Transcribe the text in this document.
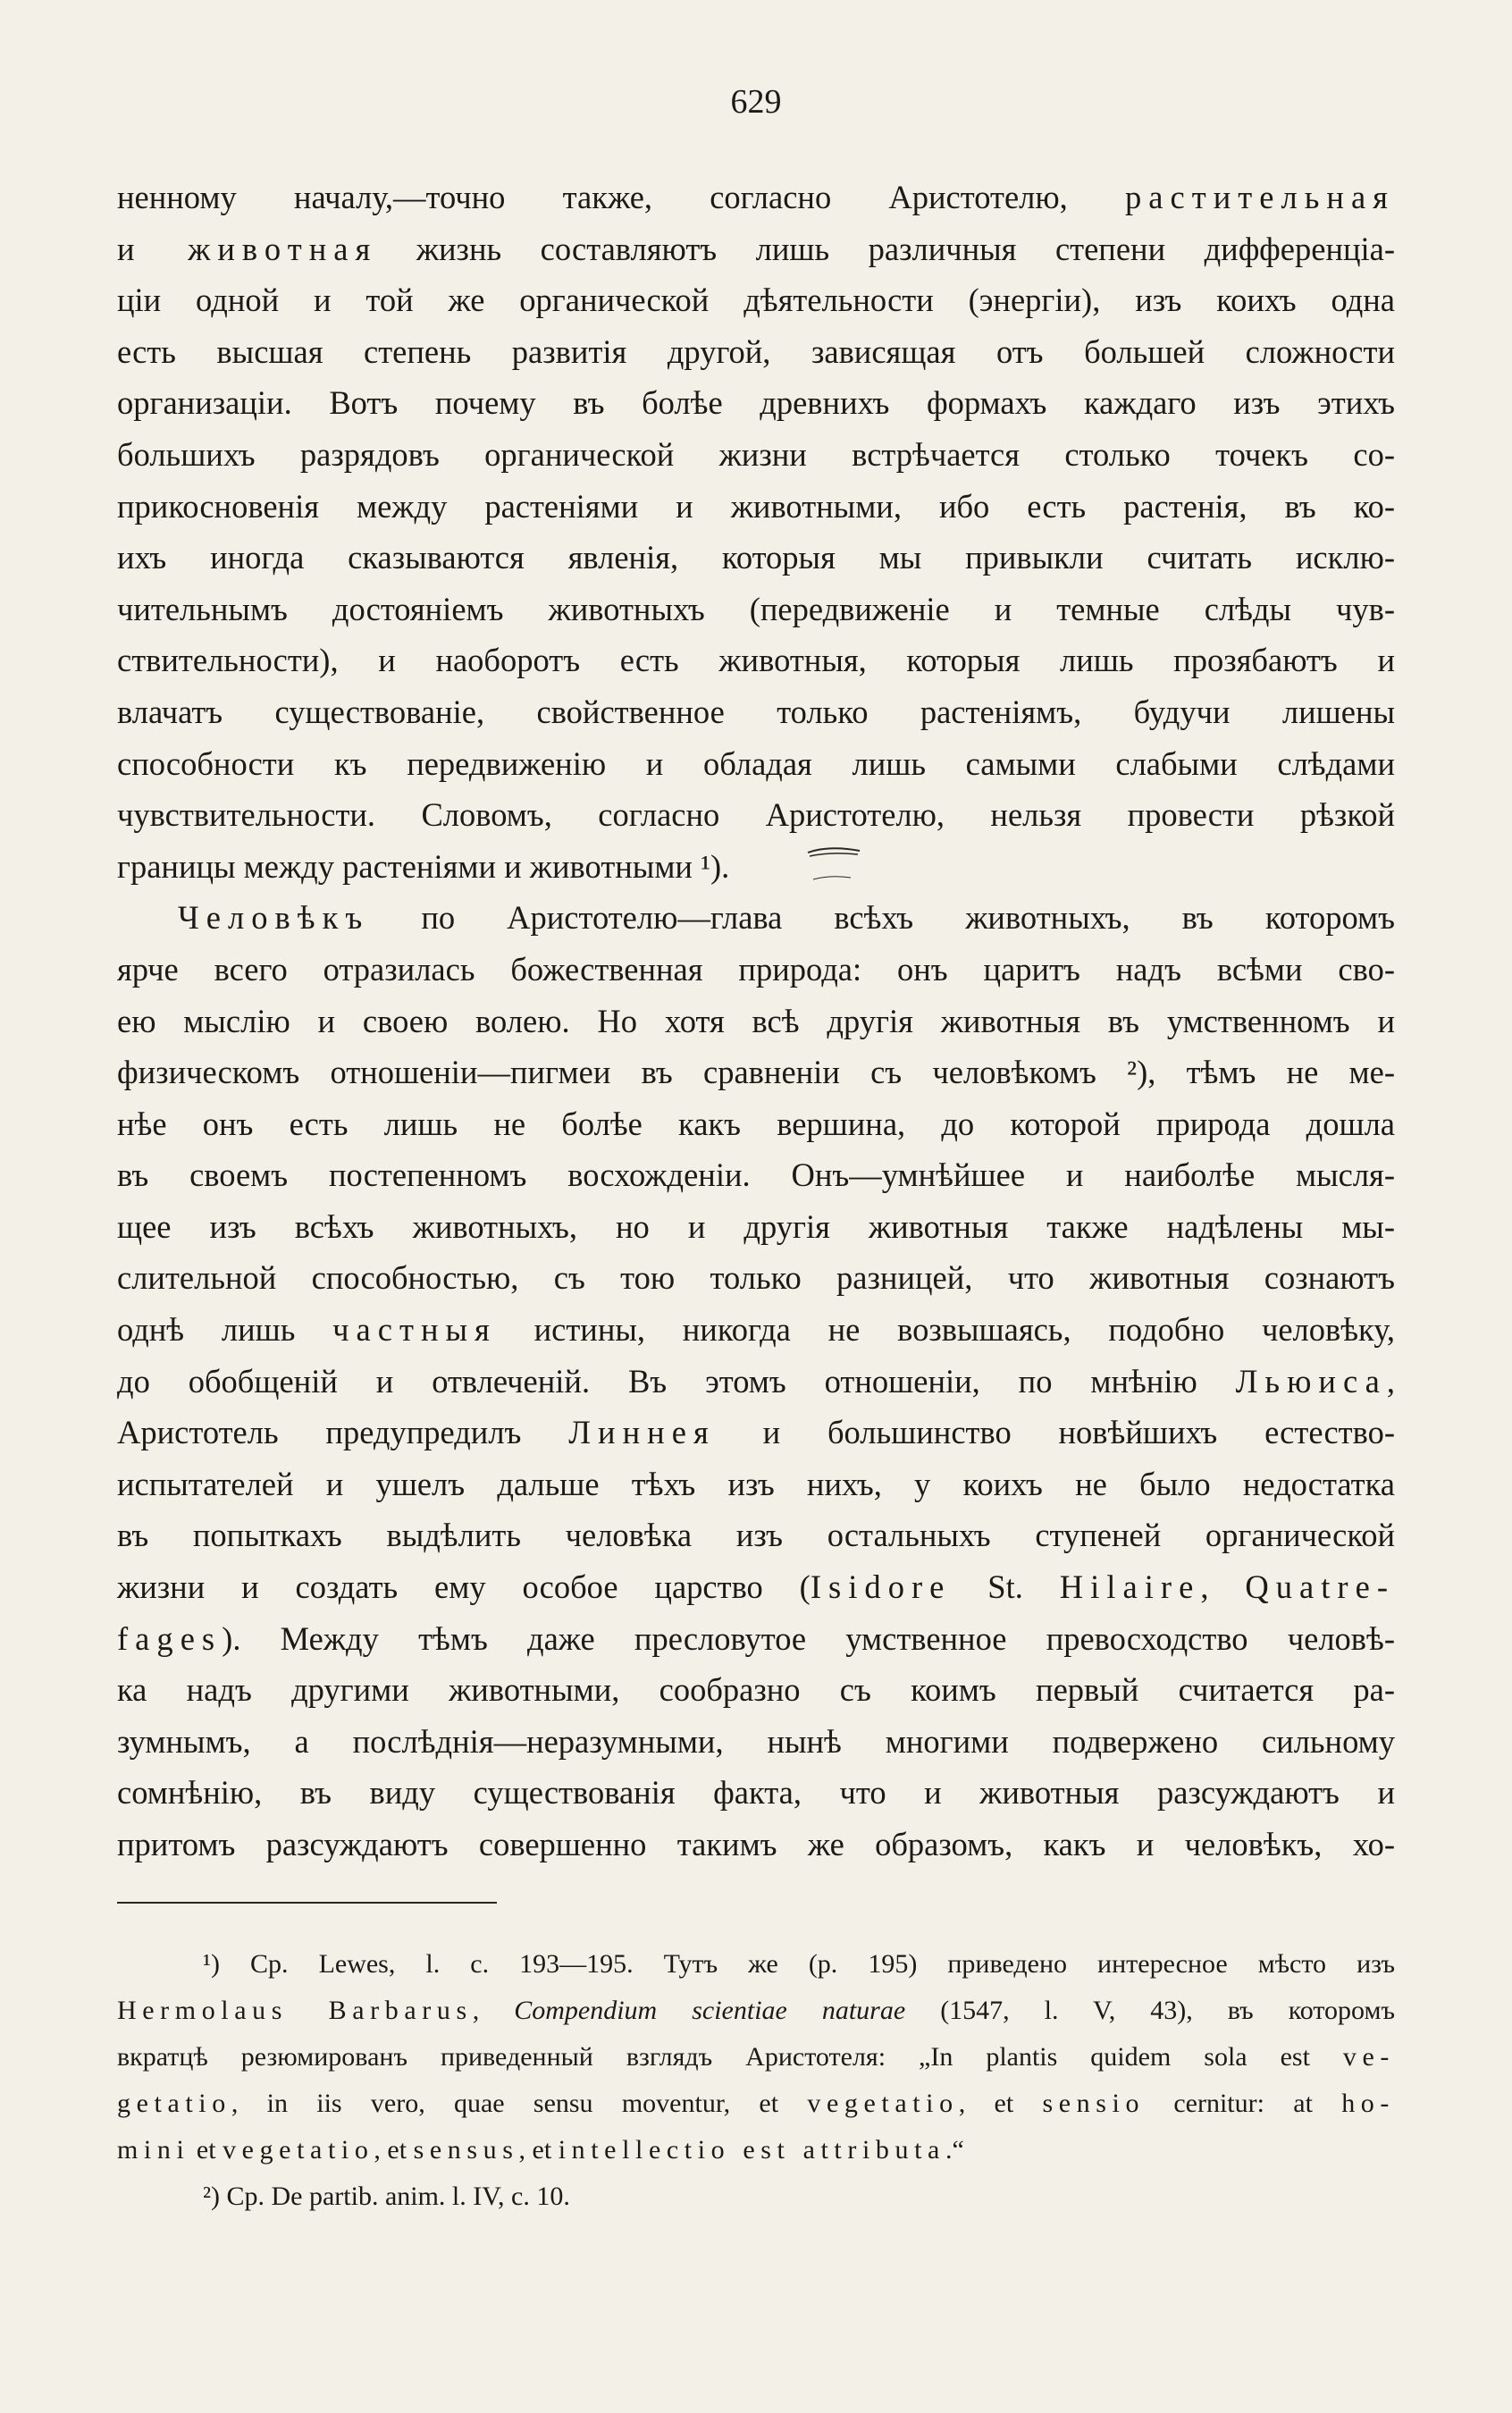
629
ненному началу,—точно также, согласно Аристотелю, растительная
и животная жизнь составляютъ лишь различныя степени дифференціа-
ціи одной и той же органической дѣятельности (энергіи), изъ коихъ одна
есть высшая степень развитія другой, зависящая отъ большей сложности
организаціи. Вотъ почему въ болѣе древнихъ формахъ каждаго изъ этихъ
большихъ разрядовъ органической жизни встрѣчается столько точекъ со-
прикосновенія между растеніями и животными, ибо есть растенія, въ ко-
ихъ иногда сказываются явленія, которыя мы привыкли считать исклю-
чительнымъ достояніемъ животныхъ (передвиженіе и темные слѣды чув-
ствительности), и наоборотъ есть животныя, которыя лишь прозябаютъ и
влачатъ существованіе, свойственное только растеніямъ, будучи лишены
способности къ передвиженію и обладая лишь самыми слабыми слѣдами
чувствительности. Словомъ, согласно Аристотелю, нельзя провести рѣзкой
границы между растеніями и животными ¹).
Человѣкъ по Аристотелю—глава всѣхъ животныхъ, въ которомъ
ярче всего отразилась божественная природа: онъ царитъ надъ всѣми сво-
ею мыслію и своею волею. Но хотя всѣ другія животныя въ умственномъ и
физическомъ отношеніи—пигмеи въ сравненіи съ человѣкомъ ²), тѣмъ не ме-
нѣе онъ есть лишь не болѣе какъ вершина, до которой природа дошла
въ своемъ постепенномъ восхожденіи. Онъ—умнѣйшее и наиболѣе мысля-
щее изъ всѣхъ животныхъ, но и другія животныя также надѣлены мы-
слительной способностью, съ тою только разницей, что животныя сознаютъ
однѣ лишь частныя истины, никогда не возвышаясь, подобно человѣку,
до обобщеній и отвлеченій. Въ этомъ отношеніи, по мнѣнію Льюиса,
Аристотель предупредилъ Линнея и большинство новѣйшихъ естество-
испытателей и ушелъ дальше тѣхъ изъ нихъ, у коихъ не было недостатка
въ попыткахъ выдѣлить человѣка изъ остальныхъ ступеней органической
жизни и создать ему особое царство (Isidore St. Hilaire, Quatre-
fages). Между тѣмъ даже пресловутое умственное превосходство человѣ-
ка надъ другими животными, сообразно съ коимъ первый считается ра-
зумнымъ, а послѣднія—неразумными, нынѣ многими подвержено сильному
сомнѣнію, въ виду существованія факта, что и животныя разсуждаютъ и
притомъ разсуждаютъ совершенно такимъ же образомъ, какъ и человѣкъ, хо-
¹) Ср. Lewes, l. c. 193—195. Тутъ же (p. 195) приведено интересное мѣсто изъ
Hermolaus Barbarus, Compendium scientiae naturae (1547, l. V, 43), въ которомъ
вкратцѣ резюмированъ приведенный взглядъ Аристотеля: „In plantis quidem sola est ve-
getatio, in iis vero, quae sensu moventur, et vegetatio, et sensio cernitur: at ho-
mini et vegetatio, et sensus, et intellectio est attributa.“
²) Ср. De partib. anim. l. IV, c. 10.
